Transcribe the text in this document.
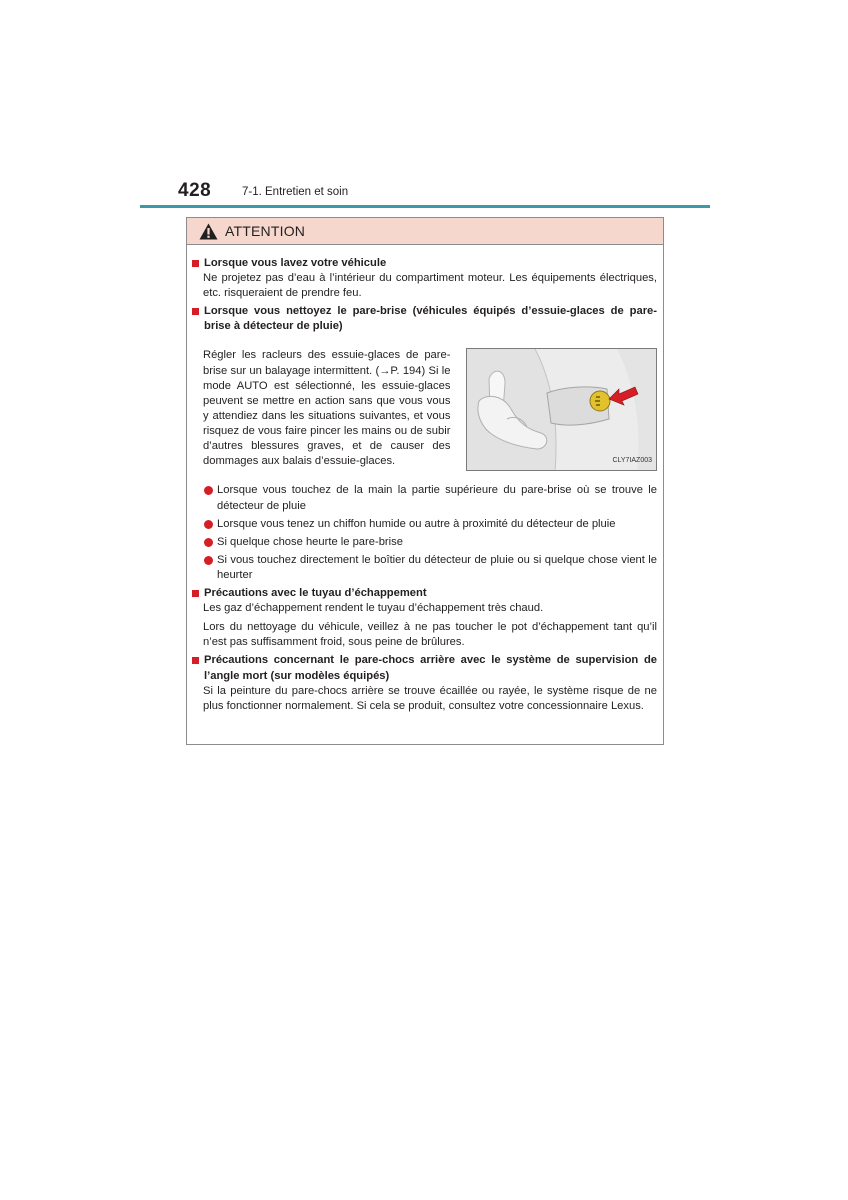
428	7-1. Entretien et soin
ATTENTION
Lorsque vous lavez votre véhicule
Ne projetez pas d’eau à l’intérieur du compartiment moteur. Les équipements électriques, etc. risqueraient de prendre feu.
Lorsque vous nettoyez le pare-brise (véhicules équipés d’essuie-glaces de pare-brise à détecteur de pluie)
Régler les racleurs des essuie-glaces de pare-brise sur un balayage intermittent. (→P. 194) Si le mode AUTO est sélectionné, les essuie-glaces peuvent se mettre en action sans que vous vous y attendiez dans les situations suivantes, et vous risquez de vous faire pincer les mains ou de subir d’autres blessures graves, et de causer des dommages aux balais d’essuie-glaces.	CLY7IAZ003
Lorsque vous touchez de la main la partie supérieure du pare-brise où se trouve le détecteur de pluie
Lorsque vous tenez un chiffon humide ou autre à proximité du détecteur de pluie
Si quelque chose heurte le pare-brise
Si vous touchez directement le boîtier du détecteur de pluie ou si quelque chose vient le heurter
Précautions avec le tuyau d’échappement
Les gaz d’échappement rendent le tuyau d’échappement très chaud.
Lors du nettoyage du véhicule, veillez à ne pas toucher le pot d’échappement tant qu’il n’est pas suffisamment froid, sous peine de brûlures.
Précautions concernant le pare-chocs arrière avec le système de supervision de l’angle mort (sur modèles équipés)
Si la peinture du pare-chocs arrière se trouve écaillée ou rayée, le système risque de ne plus fonctionner normalement. Si cela se produit, consultez votre concessionnaire Lexus.
